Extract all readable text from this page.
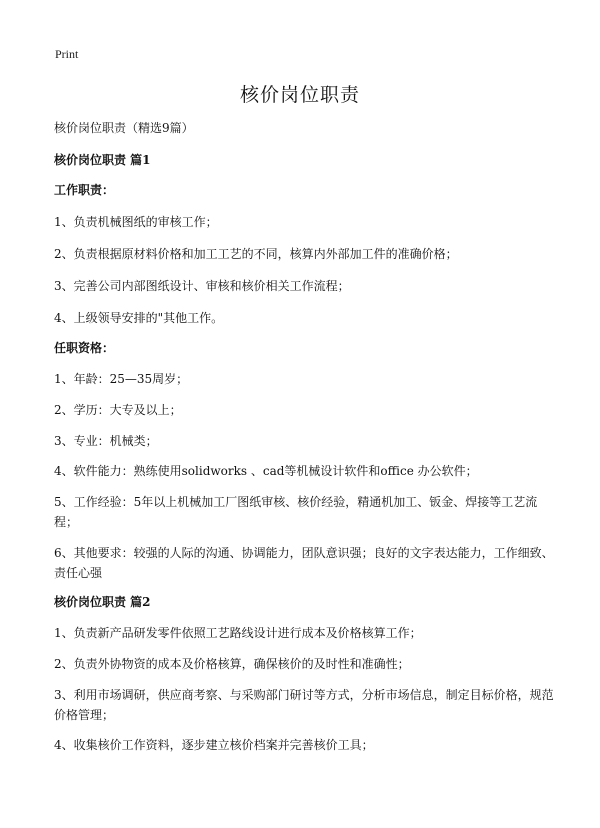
Print
核价岗位职责
核价岗位职责（精选9篇）
核价岗位职责 篇1
工作职责：
1、负责机械图纸的审核工作；
2、负责根据原材料价格和加工工艺的不同，核算内外部加工件的准确价格；
3、完善公司内部图纸设计、审核和核价相关工作流程；
4、上级领导安排的"其他工作。
任职资格：
1、年龄：25—35周岁；
2、学历：大专及以上；
3、专业：机械类；
4、软件能力：熟练使用solidworks 、cad等机械设计软件和office 办公软件；
5、工作经验：5年以上机械加工厂图纸审核、核价经验，精通机加工、钣金、焊接等工艺流程；
6、其他要求：较强的人际的沟通、协调能力，团队意识强；良好的文字表达能力，工作细致、责任心强
核价岗位职责 篇2
1、负责新产品研发零件依照工艺路线设计进行成本及价格核算工作；
2、负责外协物资的成本及价格核算，确保核价的及时性和准确性；
3、利用市场调研，供应商考察、与采购部门研讨等方式，分析市场信息，制定目标价格，规范价格管理；
4、收集核价工作资料，逐步建立核价档案并完善核价工具；
